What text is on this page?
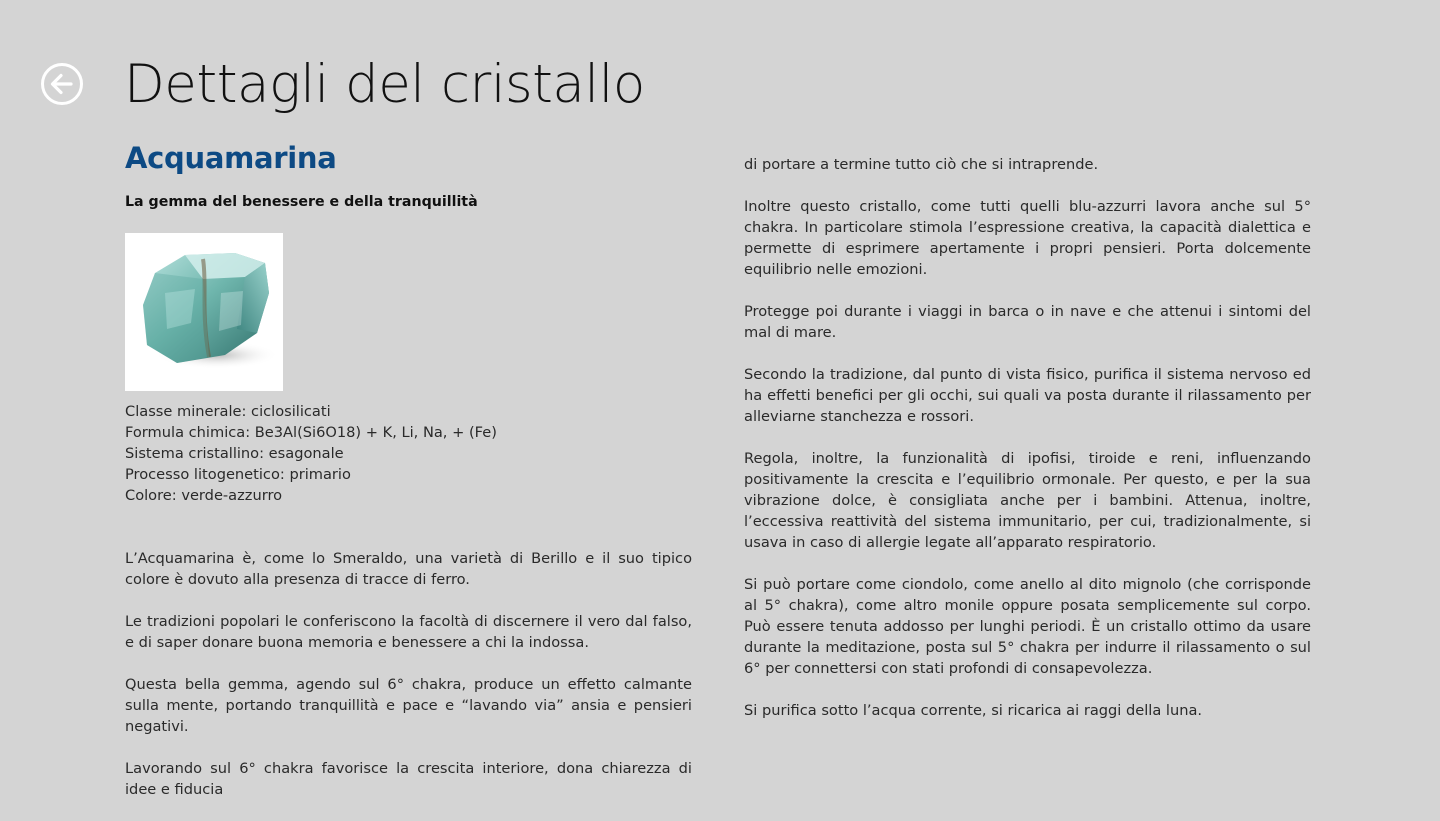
Dettagli del cristallo
Acquamarina
La gemma del benessere e della tranquillità
Classe minerale: ciclosilicati
Formula chimica: Be3Al(Si6O18) + K, Li, Na, + (Fe)
Sistema cristallino: esagonale
Processo litogenetico: primario
Colore: verde-azzurro

L’Acquamarina è, come lo Smeraldo, una varietà di Berillo e il suo tipico colore è dovuto alla presenza di tracce di ferro.

Le tradizioni popolari le conferiscono la facoltà di discernere il vero dal falso, e di saper donare buona memoria e benessere a chi la indossa.

Questa bella gemma, agendo sul 6° chakra, produce un effetto calmante sulla mente, portando tranquillità e pace e “lavando via” ansia e pensieri negativi.

Lavorando sul 6° chakra favorisce la crescita interiore, dona chiarezza di idee e fiducia

di portare a termine tutto ciò che si intraprende.

Inoltre questo cristallo, come tutti quelli blu-azzurri lavora anche sul 5° chakra. In particolare stimola l’espressione creativa, la capacità dialettica e permette di esprimere apertamente i propri pensieri. Porta dolcemente equilibrio nelle emozioni.

Protegge poi durante i viaggi in barca o in nave e che attenui i sintomi del mal di mare.

Secondo la tradizione, dal punto di vista fisico, purifica il sistema nervoso ed ha effetti benefici per gli occhi, sui quali va posta durante il rilassamento per alleviarne stanchezza e rossori.

Regola, inoltre, la funzionalità di ipofisi, tiroide e reni, influenzando positivamente la crescita e l’equilibrio ormonale. Per questo, e per la sua vibrazione dolce, è consigliata anche per i bambini. Attenua, inoltre, l’eccessiva reattività del sistema immunitario, per cui, tradizionalmente, si usava in caso di allergie legate all’apparato respiratorio.

Si può portare come ciondolo, come anello al dito mignolo (che corrisponde al 5° chakra), come altro monile oppure posata semplicemente sul corpo. Può essere tenuta addosso per lunghi periodi. È un cristallo ottimo da usare durante la meditazione, posta sul 5° chakra per indurre il rilassamento o sul 6° per connettersi con stati profondi di consapevolezza.

Si purifica sotto l’acqua corrente, si ricarica ai raggi della luna.
